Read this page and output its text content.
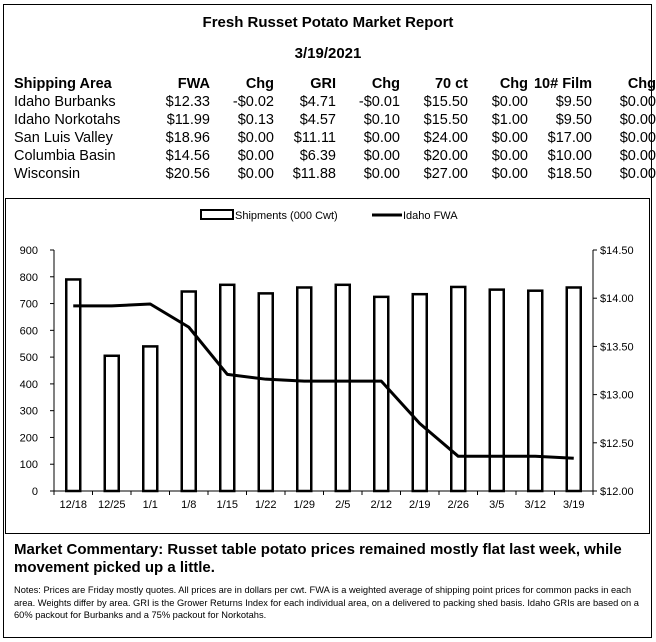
Fresh Russet Potato Market Report
3/19/2021
Shipping Area	FWA	Chg	GRI	Chg	70 ct	Chg	10# Film	Chg
Idaho Burbanks	$12.33	-$0.02	$4.71	-$0.01	$15.50	$0.00	$9.50	$0.00
Idaho Norkotahs	$11.99	$0.13	$4.57	$0.10	$15.50	$1.00	$9.50	$0.00
San Luis Valley	$18.96	$0.00	$11.11	$0.00	$24.00	$0.00	$17.00	$0.00
Columbia Basin	$14.56	$0.00	$6.39	$0.00	$20.00	$0.00	$10.00	$0.00
Wisconsin	$20.56	$0.00	$11.88	$0.00	$27.00	$0.00	$18.50	$0.00
0
100
200
300
400
500
600
700
800
900
$12.00
$12.50
$13.00
$13.50
$14.00
$14.50
12/18 12/25 1/1 1/8 1/15 1/22 1/29 2/5 2/12 2/19 2/26 3/5 3/12 3/19
Shipments (000 Cwt)	Idaho FWA
Market Commentary: Russet table potato prices remained mostly flat last week, while movement picked up a little.
Notes: Prices are Friday mostly quotes. All prices are in dollars per cwt. FWA is a weighted average of shipping point prices for common packs in each area. Weights differ by area. GRI is the Grower Returns Index for each individual area, on a delivered to packing shed basis. Idaho GRIs are based on a 60% packout for Burbanks and a 75% packout for Norkotahs.
